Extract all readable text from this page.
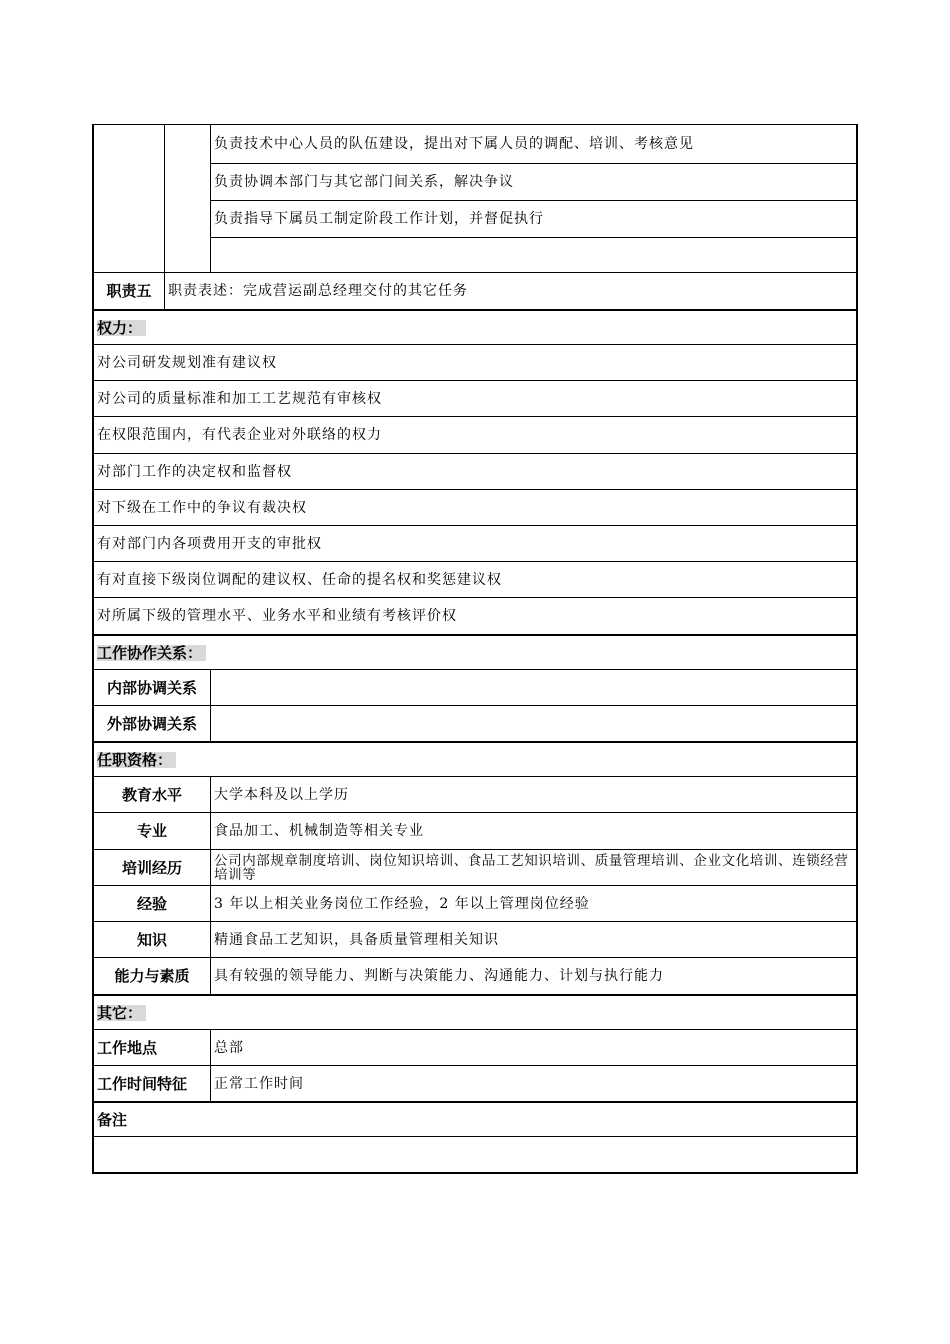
负责技术中心人员的队伍建设，提出对下属人员的调配、培训、考核意见
负责协调本部门与其它部门间关系，解决争议
负责指导下属员工制定阶段工作计划，并督促执行
职责五	职责表述：完成营运副总经理交付的其它任务
权力：
对公司研发规划准有建议权
对公司的质量标准和加工工艺规范有审核权
在权限范围内，有代表企业对外联络的权力
对部门工作的决定权和监督权
对下级在工作中的争议有裁决权
有对部门内各项费用开支的审批权
有对直接下级岗位调配的建议权、任命的提名权和奖惩建议权
对所属下级的管理水平、业务水平和业绩有考核评价权
工作协作关系：
内部协调关系
外部协调关系
任职资格：
教育水平	大学本科及以上学历
专业	食品加工、机械制造等相关专业
培训经历	公司内部规章制度培训、岗位知识培训、食品工艺知识培训、质量管理培训、企业文化培训、连锁经营培训等
经验	3 年以上相关业务岗位工作经验，2 年以上管理岗位经验
知识	精通食品工艺知识，具备质量管理相关知识
能力与素质	具有较强的领导能力、判断与决策能力、沟通能力、计划与执行能力
其它：
工作地点	总部
工作时间特征	正常工作时间
备注
